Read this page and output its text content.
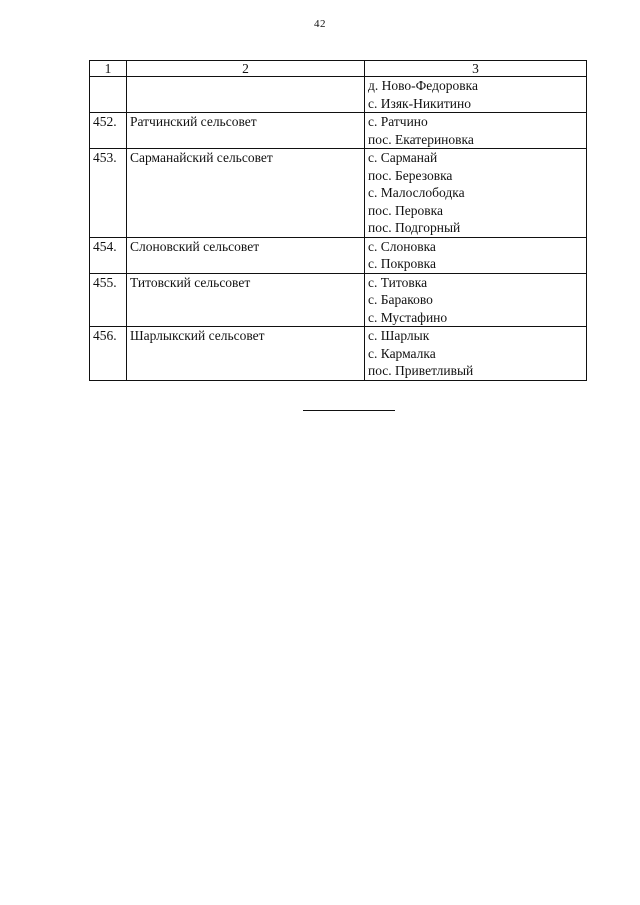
42
1	2	3

		д. Ново-Федоровка
с. Изяк-Никитино

452.	Ратчинский сельсовет	с. Ратчино
пос. Екатериновка

453.	Сарманайский сельсовет	с. Сарманай
пос. Березовка
с. Малослободка
пос. Перовка
пос. Подгорный

454.	Слоновский сельсовет	с. Слоновка
с. Покровка

455.	Титовский сельсовет	с. Титовка
с. Бараково
с. Мустафино

456.	Шарлыкский сельсовет	с. Шарлык
с. Кармалка
пос. Приветливый
